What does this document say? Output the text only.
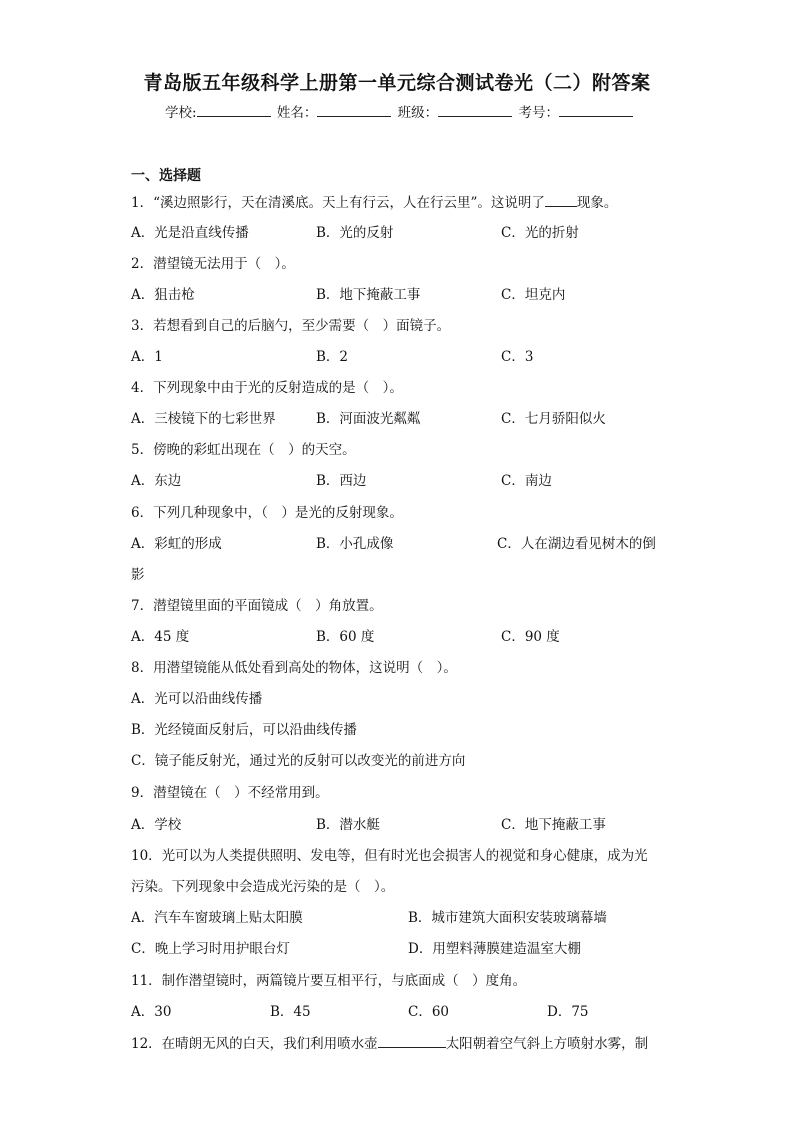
青岛版五年级科学上册第一单元综合测试卷光（二）附答案
学校:	姓名：	班级：	考号：
一、选择题
1．“溪边照影行，天在清溪底。天上有行云，人在行云里”。这说明了 现象。
A．光是沿直线传播	B．光的反射	C．光的折射
2．潜望镜无法用于（　）。
A．狙击枪	B．地下掩蔽工事	C．坦克内
3．若想看到自己的后脑勺，至少需要（　）面镜子。
A．1	B．2	C．3
4．下列现象中由于光的反射造成的是（　）。
A．三棱镜下的七彩世界	B．河面波光粼粼	C．七月骄阳似火
5．傍晚的彩虹出现在（　）的天空。
A．东边	B．西边	C．南边
6．下列几种现象中，（　）是光的反射现象。
A．彩虹的形成	B．小孔成像	C．人在湖边看见树木的倒
影
7．潜望镜里面的平面镜成（　）角放置。
A．45 度	B．60 度	C．90 度
8．用潜望镜能从低处看到高处的物体，这说明（　）。
A．光可以沿曲线传播
B．光经镜面反射后，可以沿曲线传播
C．镜子能反射光，通过光的反射可以改变光的前进方向
9．潜望镜在（　）不经常用到。
A．学校	B．潜水艇	C．地下掩蔽工事
10．光可以为人类提供照明、发电等，但有时光也会损害人的视觉和身心健康，成为光
污染。下列现象中会造成光污染的是（　）。
A．汽车车窗玻璃上贴太阳膜	B．城市建筑大面积安装玻璃幕墙
C．晚上学习时用护眼台灯	D．用塑料薄膜建造温室大棚
11．制作潜望镜时，两篇镜片要互相平行，与底面成（　）度角。
A．30	B．45	C．60	D．75
12．在晴朗无风的白天，我们利用喷水壶	太阳朝着空气斜上方喷射水雾，制
